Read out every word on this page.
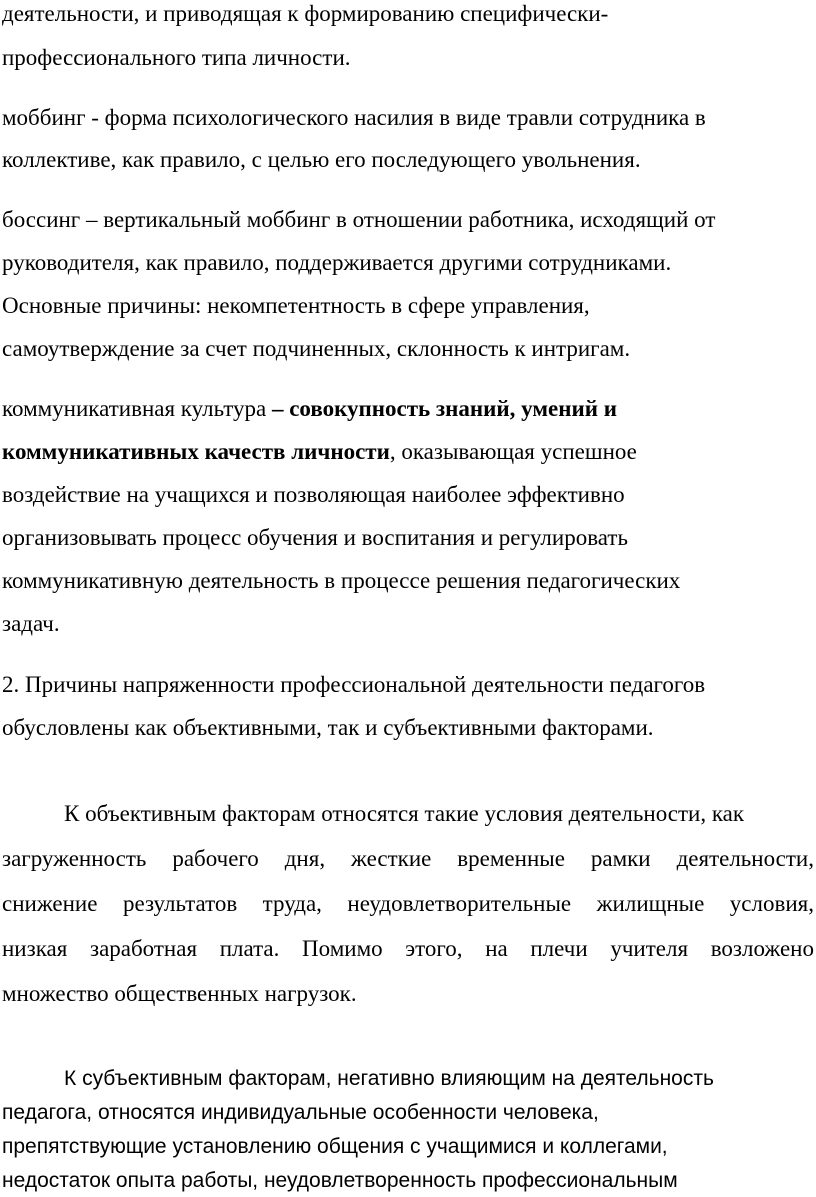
деятельности, и приводящая к формированию специфически-
профессионального типа личности.
моббинг - форма психологического насилия в виде травли сотрудника в
коллективе, как правило, с целью его последующего увольнения.
боссинг – вертикальный моббинг в отношении работника, исходящий от
руководителя, как правило, поддерживается другими сотрудниками.
Основные причины: некомпетентность в сфере управления,
самоутверждение за счет подчиненных, склонность к интригам.
коммуникативная культура – совокупность знаний, умений и
коммуникативных качеств личности, оказывающая успешное
воздействие на учащихся и позволяющая наиболее эффективно
организовывать процесс обучения и воспитания и регулировать
коммуникативную деятельность в процессе решения педагогических
задач.
2. Причины напряженности профессиональной деятельности педагогов
обусловлены как объективными, так и субъективными факторами.
К объективным факторам относятся такие условия деятельности, как
загруженность рабочего дня, жесткие временные рамки деятельности,
снижение результатов труда, неудовлетворительные жилищные условия,
низкая заработная плата. Помимо этого, на плечи учителя возложено
множество общественных нагрузок.
К субъективным факторам, негативно влияющим на деятельность
педагога, относятся индивидуальные особенности человека,
препятствующие установлению общения с учащимися и коллегами,
недостаток опыта работы, неудовлетворенность профессиональным
